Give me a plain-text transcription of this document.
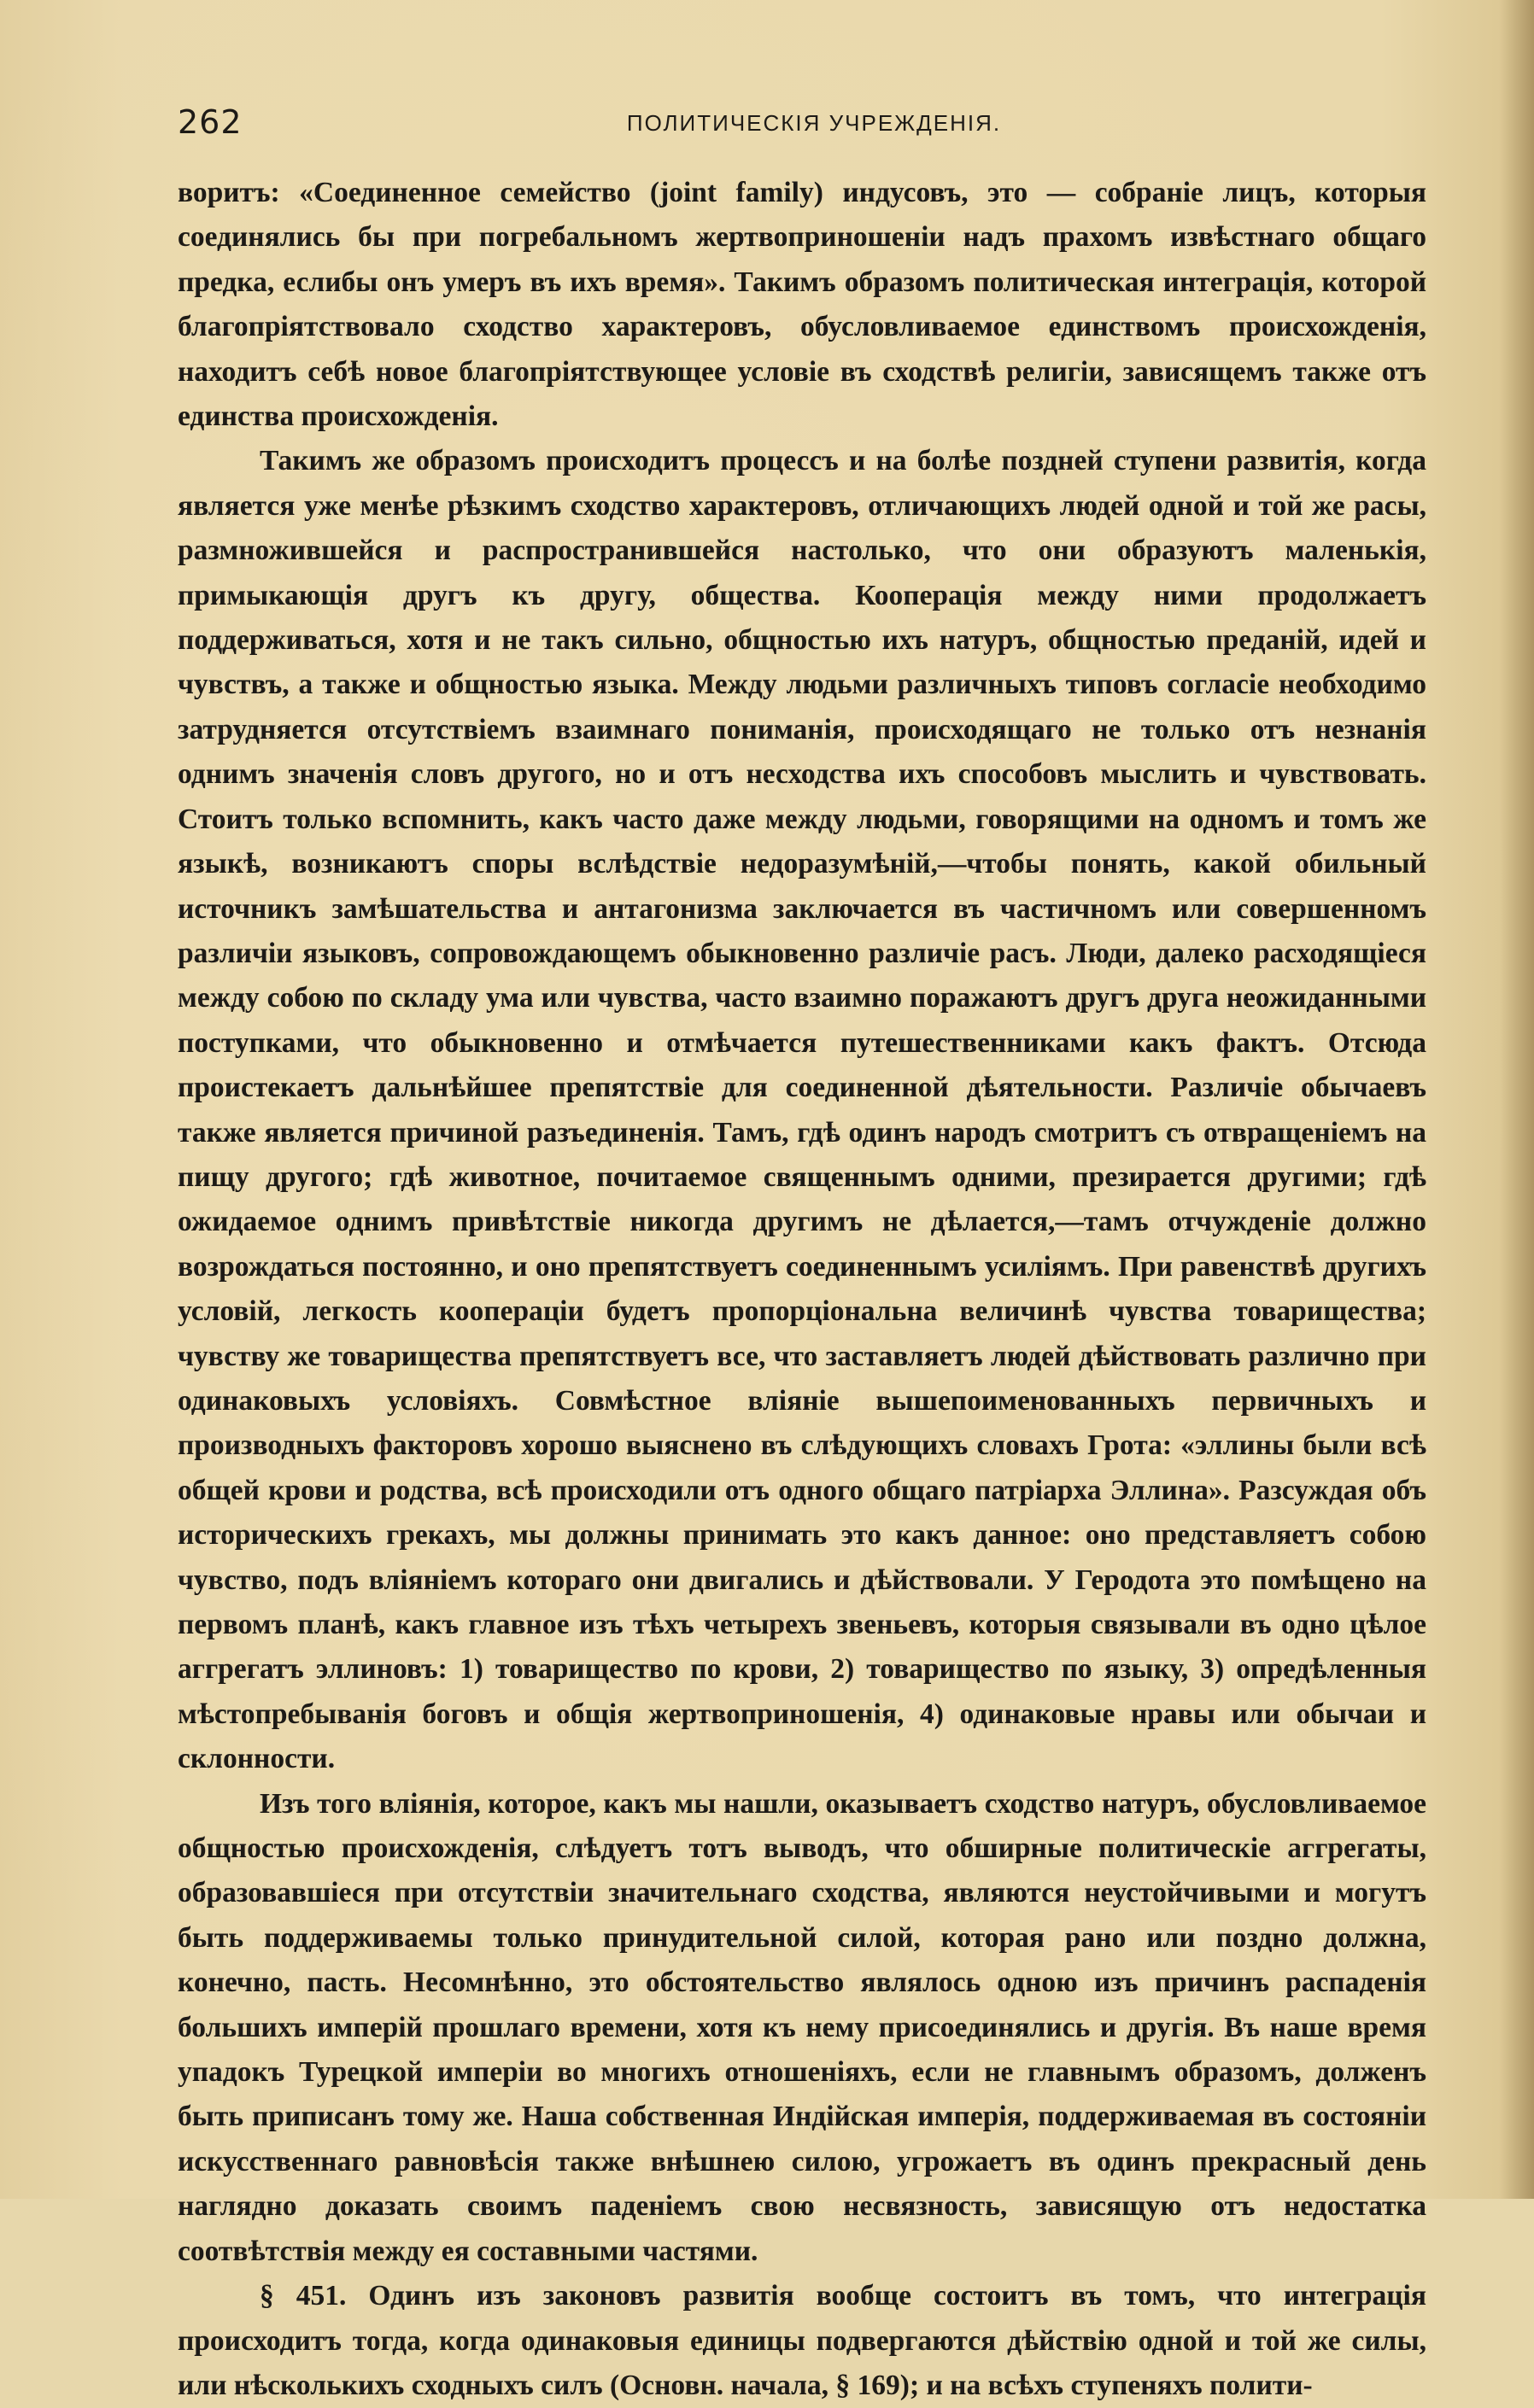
262	ПОЛИТИЧЕСКІЯ УЧРЕЖДЕНІЯ.

воритъ: «Соединенное семейство (joint family) индусовъ, это — собраніе лицъ, которыя соединялись бы при погребальномъ жертвоприношеніи надъ прахомъ извѣстнаго общаго предка, еслибы онъ умеръ въ ихъ время». Такимъ образомъ политическая интеграція, которой благопріятствовало сходство характеровъ, обусловливаемое единствомъ происхожденія, находитъ себѣ новое благопріятствующее условіе въ сходствѣ религіи, зависящемъ также отъ единства происхожденія.

Такимъ же образомъ происходитъ процессъ и на болѣе поздней ступени развитія, когда является уже менѣе рѣзкимъ сходство характеровъ, отличающихъ людей одной и той же расы, размножившейся и распространившейся настолько, что они образуютъ маленькія, примыкающія другъ къ другу, общества. Кооперація между ними продолжаетъ поддерживаться, хотя и не такъ сильно, общностью ихъ натуръ, общностью преданій, идей и чувствъ, а также и общностью языка. Между людьми различныхъ типовъ согласіе необходимо затрудняется отсутствіемъ взаимнаго пониманія, происходящаго не только отъ незнанія однимъ значенія словъ другого, но и отъ несходства ихъ способовъ мыслить и чувствовать. Стоитъ только вспомнить, какъ часто даже между людьми, говорящими на одномъ и томъ же языкѣ, возникаютъ споры вслѣдствіе недоразумѣній,—чтобы понять, какой обильный источникъ замѣшательства и антагонизма заключается въ частичномъ или совершенномъ различіи языковъ, сопровождающемъ обыкновенно различіе расъ. Люди, далеко расходящіеся между собою по складу ума или чувства, часто взаимно поражаютъ другъ друга неожиданными поступками, что обыкновенно и отмѣчается путешественниками какъ фактъ. Отсюда проистекаетъ дальнѣйшее препятствіе для соединенной дѣятельности. Различіе обычаевъ также является причиной разъединенія. Тамъ, гдѣ одинъ народъ смотритъ съ отвращеніемъ на пищу другого; гдѣ животное, почитаемое священнымъ одними, презирается другими; гдѣ ожидаемое однимъ привѣтствіе никогда другимъ не дѣлается,—тамъ отчужденіе должно возрождаться постоянно, и оно препятствуетъ соединеннымъ усиліямъ. При равенствѣ другихъ условій, легкость коопераціи будетъ пропорціональна величинѣ чувства товарищества; чувству же товарищества препятствуетъ все, что заставляетъ людей дѣйствовать различно при одинаковыхъ условіяхъ. Совмѣстное вліяніе вышепоименованныхъ первичныхъ и производныхъ факторовъ хорошо выяснено въ слѣдующихъ словахъ Грота: «эллины были всѣ общей крови и родства, всѣ происходили отъ одного общаго патріарха Эллина». Разсуждая объ историческихъ грекахъ, мы должны принимать это какъ данное: оно представляетъ собою чувство, подъ вліяніемъ котораго они двигались и дѣйствовали. У Геродота это помѣщено на первомъ планѣ, какъ главное изъ тѣхъ четырехъ звеньевъ, которыя связывали въ одно цѣлое аггрегатъ эллиновъ: 1) товарищество по крови, 2) товарищество по языку, 3) опредѣленныя мѣстопребыванія боговъ и общія жертвоприношенія, 4) одинаковые нравы или обычаи и склонности.

Изъ того вліянія, которое, какъ мы нашли, оказываетъ сходство натуръ, обусловливаемое общностью происхожденія, слѣдуетъ тотъ выводъ, что обширные политическіе аггрегаты, образовавшіеся при отсутствіи значительнаго сходства, являются неустойчивыми и могутъ быть поддерживаемы только принудительной силой, которая рано или поздно должна, конечно, пасть. Несомнѣнно, это обстоятельство являлось одною изъ причинъ распаденія большихъ имперій прошлаго времени, хотя къ нему присоединялись и другія. Въ наше время упадокъ Турецкой имперіи во многихъ отношеніяхъ, если не главнымъ образомъ, долженъ быть приписанъ тому же. Наша собственная Индійская имперія, поддерживаемая въ состояніи искусственнаго равновѣсія также внѣшнею силою, угрожаетъ въ одинъ прекрасный день наглядно доказать своимъ паденіемъ свою несвязность, зависящую отъ недостатка соотвѣтствія между ея составными частями.

§ 451. Одинъ изъ законовъ развитія вообще состоитъ въ томъ, что интеграція происходитъ тогда, когда одинаковыя единицы подвергаются дѣйствію одной и той же силы, или нѣсколькихъ сходныхъ силъ (Основн. начала, § 169); и на всѣхъ ступеняхъ полити-
